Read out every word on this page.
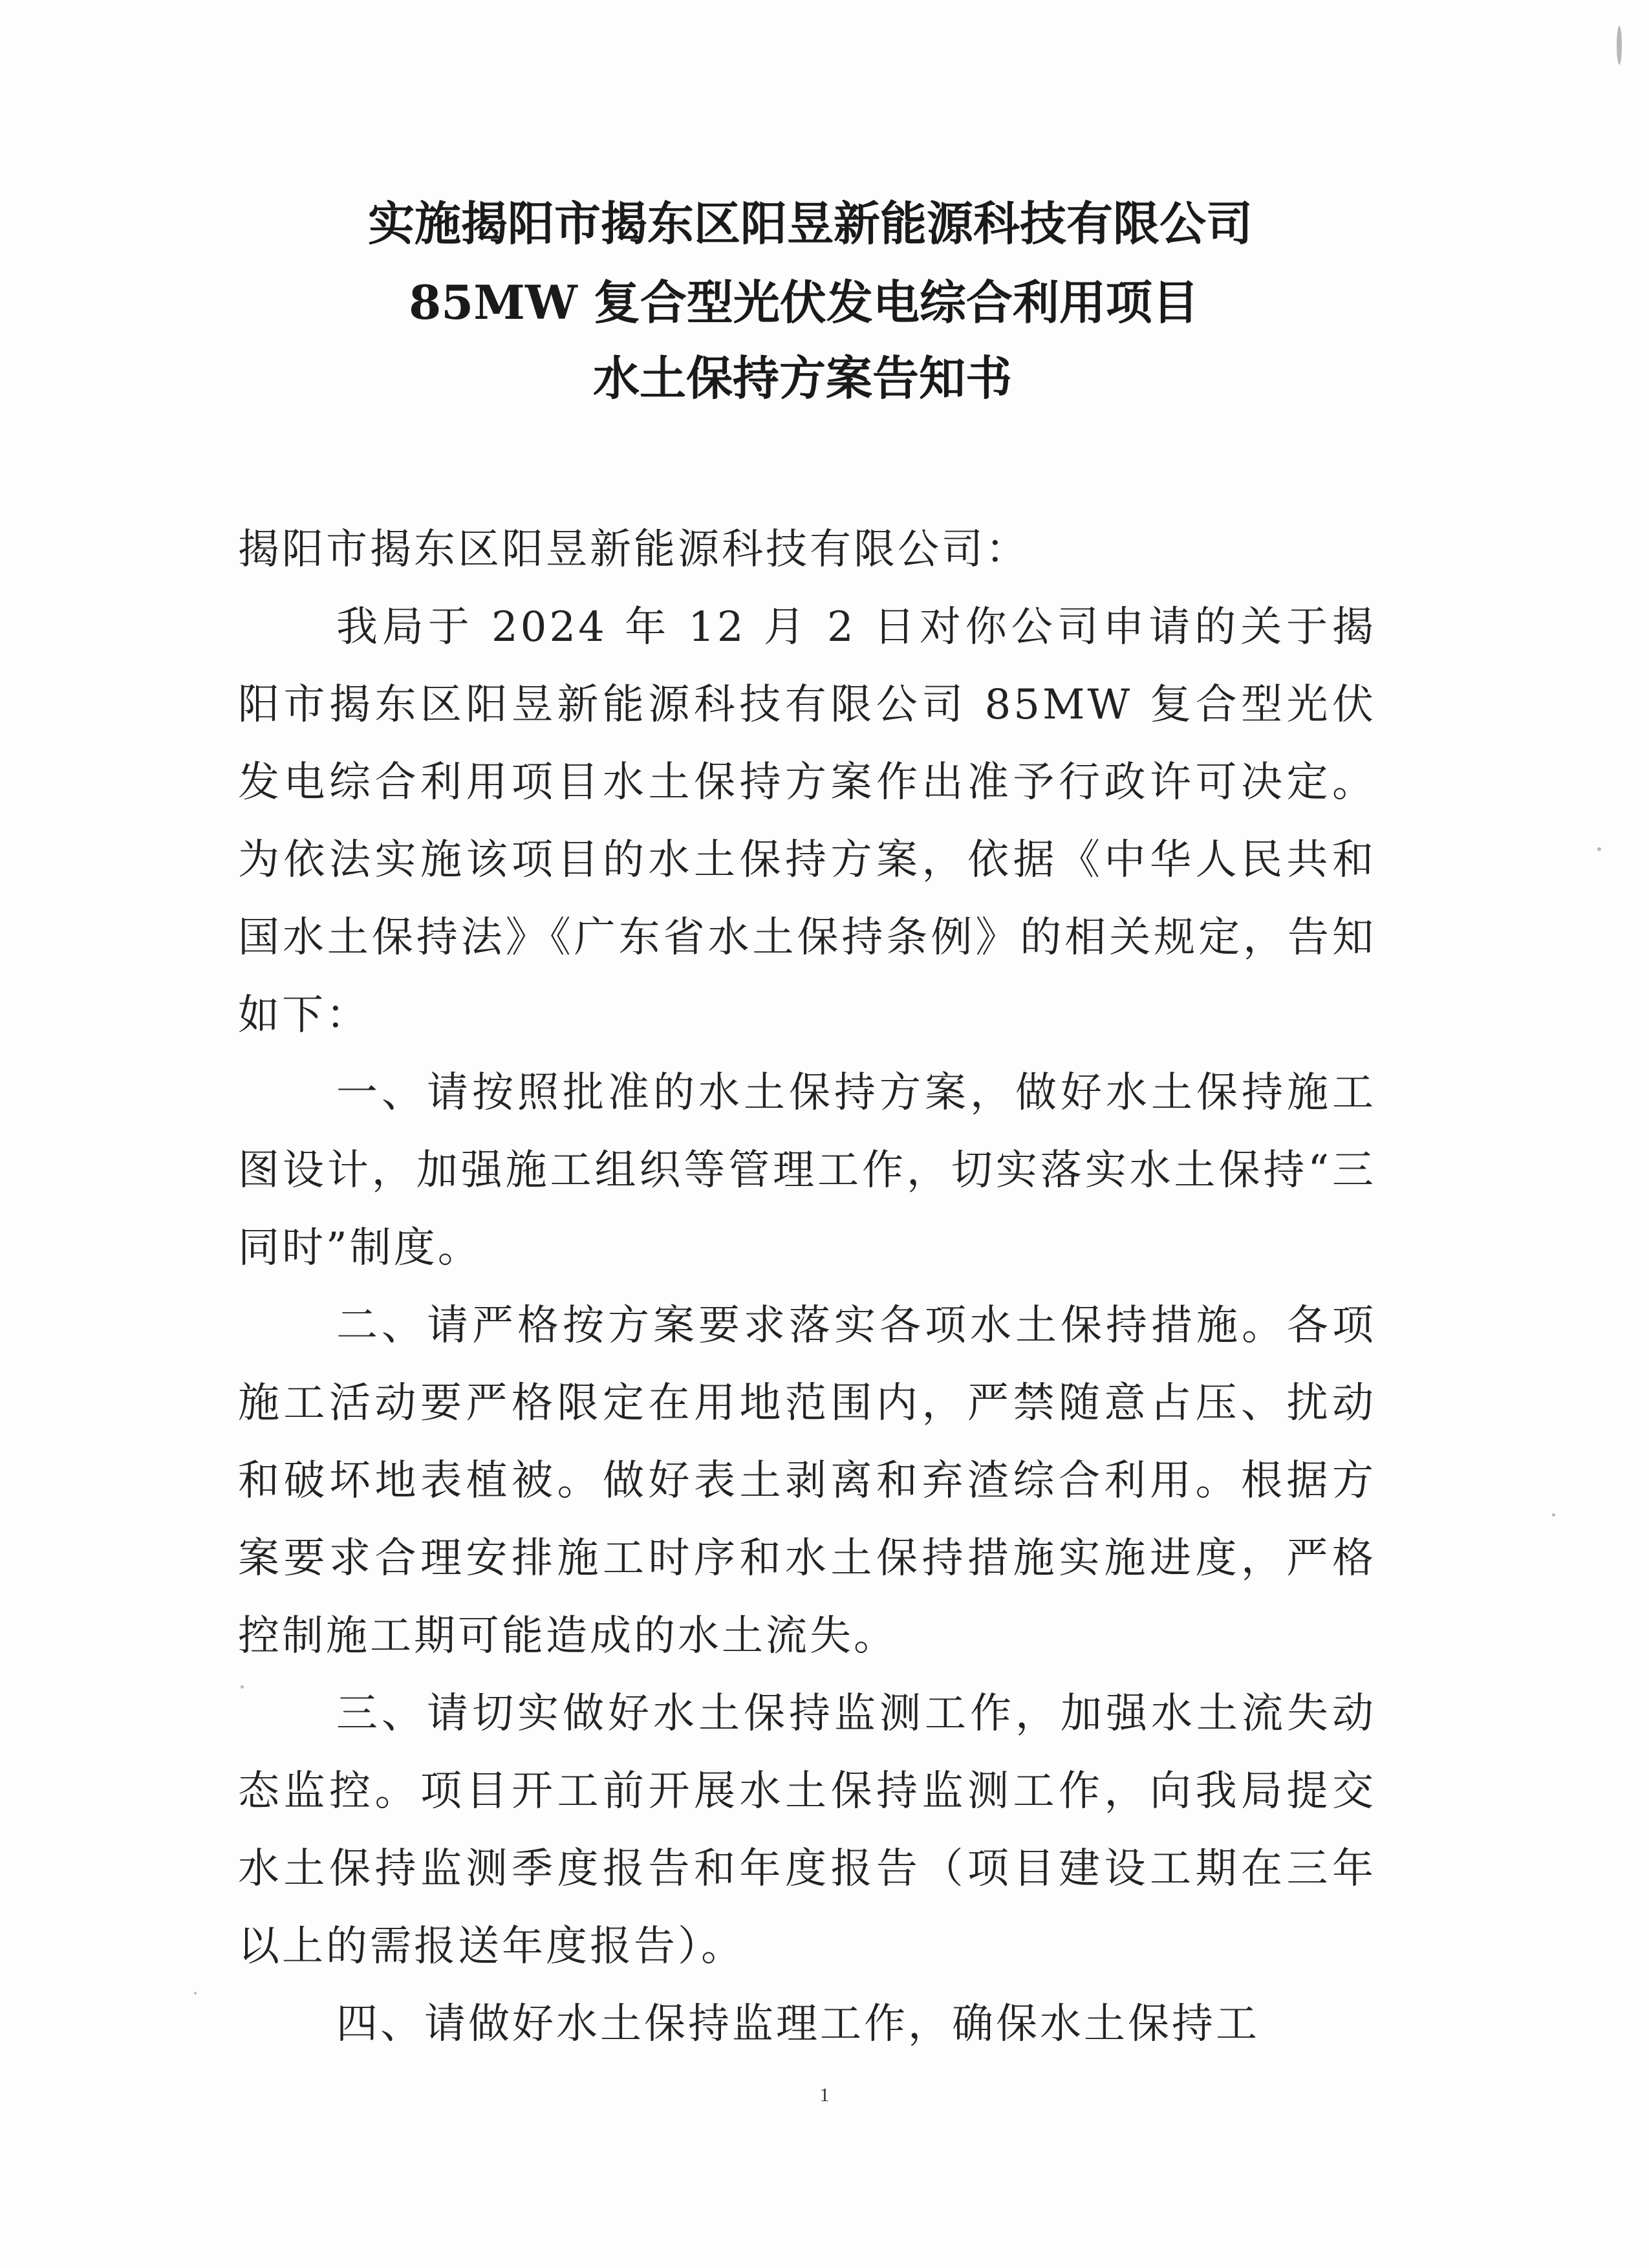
实施揭阳市揭东区阳昱新能源科技有限公司
85MW 复合型光伏发电综合利用项目
水土保持方案告知书
揭阳市揭东区阳昱新能源科技有限公司：

我局于 2024 年 12 月 2 日对你公司申请的关于揭阳市揭东区阳昱新能源科技有限公司 85MW 复合型光伏发电综合利用项目水土保持方案作出准予行政许可决定。为依法实施该项目的水土保持方案，依据《中华人民共和国水土保持法》《广东省水土保持条例》的相关规定，告知如下：

一、请按照批准的水土保持方案，做好水土保持施工图设计，加强施工组织等管理工作，切实落实水土保持“三同时”制度。

二、请严格按方案要求落实各项水土保持措施。各项施工活动要严格限定在用地范围内，严禁随意占压、扰动和破坏地表植被。做好表土剥离和弃渣综合利用。根据方案要求合理安排施工时序和水土保持措施实施进度，严格控制施工期可能造成的水土流失。

三、请切实做好水土保持监测工作，加强水土流失动态监控。项目开工前开展水土保持监测工作，向我局提交水土保持监测季度报告和年度报告（项目建设工期在三年以上的需报送年度报告）。

四、请做好水土保持监理工作，确保水土保持工

1
